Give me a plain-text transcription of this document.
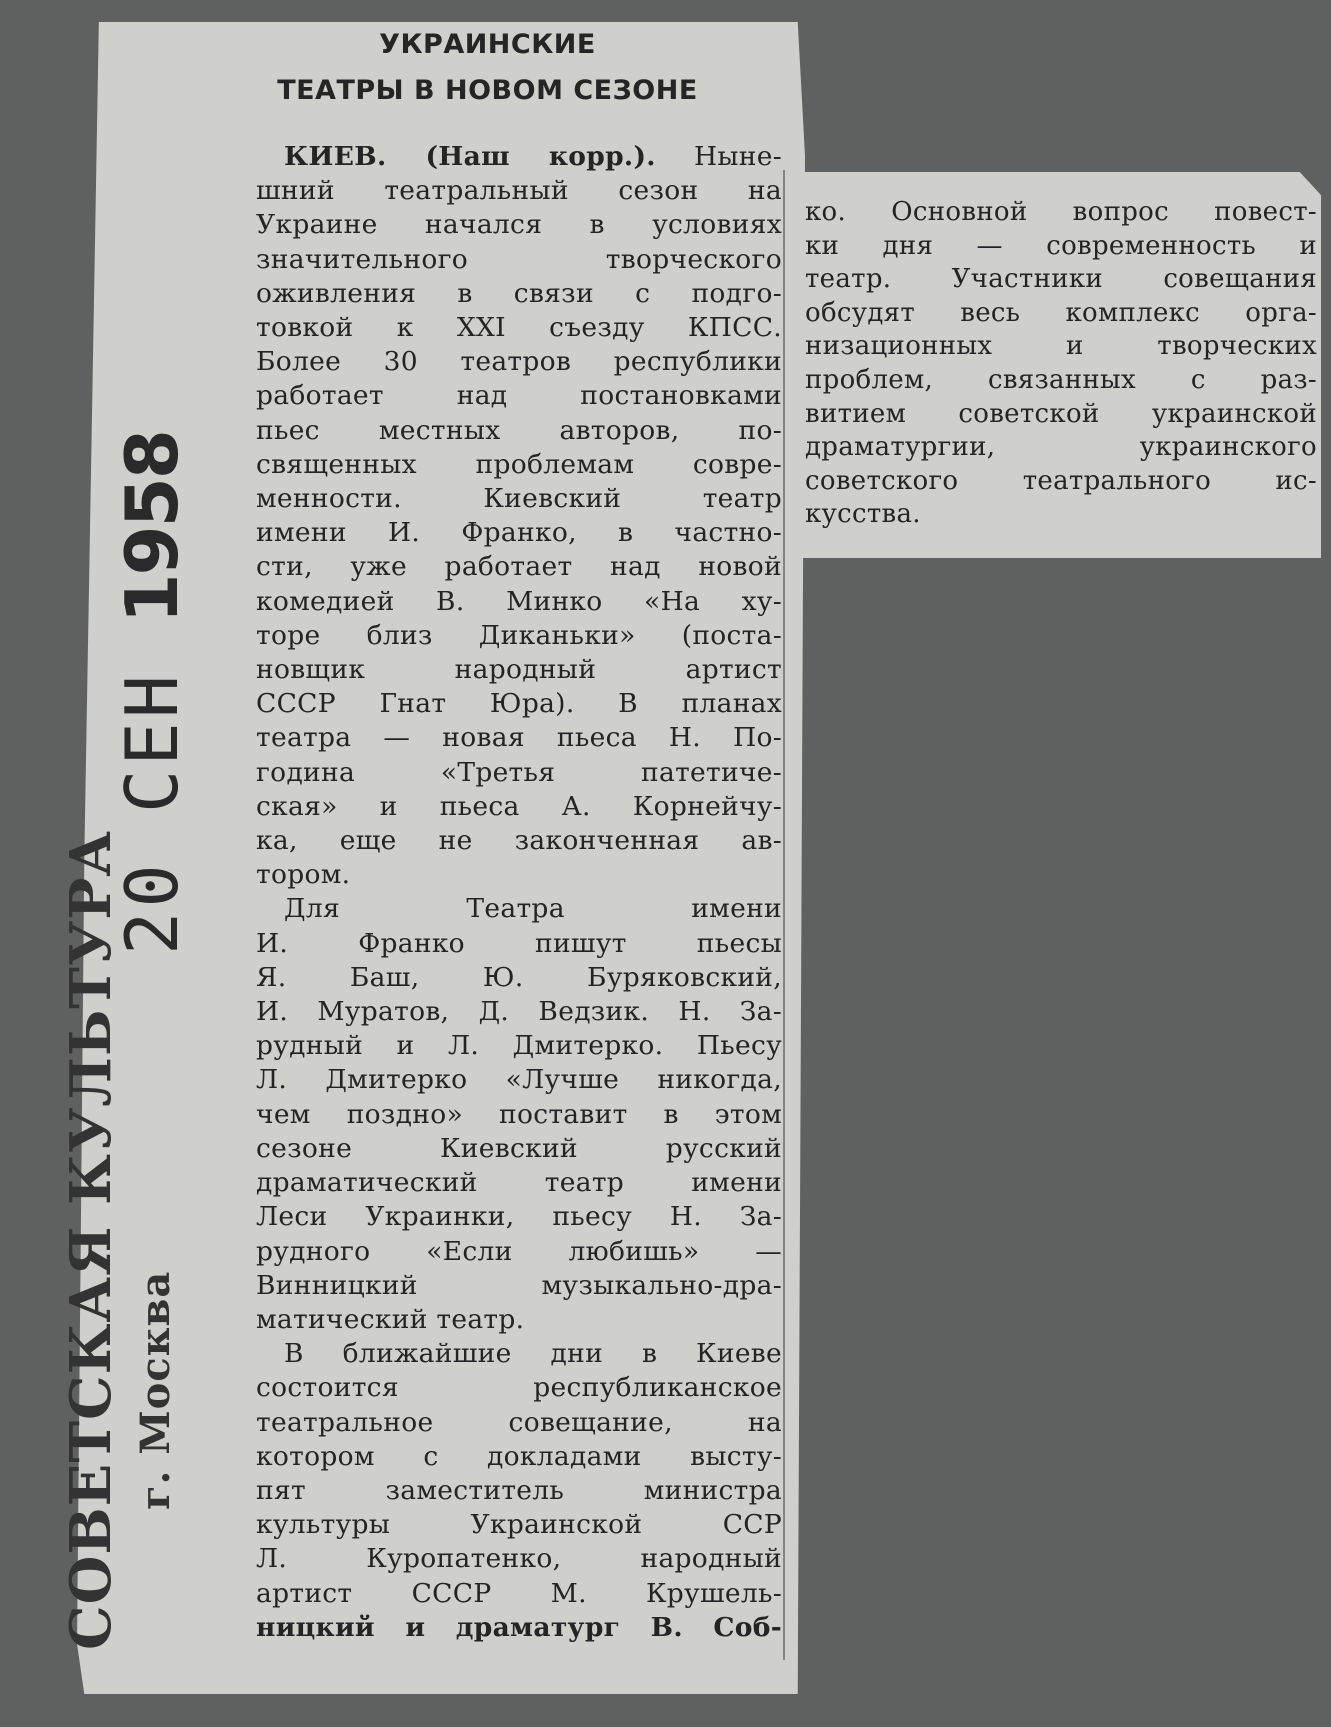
УКРАИНСКИЕ
ТЕАТРЫ В НОВОМ СЕЗОНЕ
КИЕВ. (Наш корр.). Ныне-
шний театральный сезон на
Украине начался в условиях
значительного творческого
оживления в связи с подго-
товкой к XXI съезду КПСС.
Более 30 театров республики
работает над постановками
пьес местных авторов, по-
священных проблемам совре-
менности. Киевский театр
имени И. Франко, в частно-
сти, уже работает над новой
комедией В. Минко «На ху-
торе близ Диканьки» (поста-
новщик народный артист
СССР Гнат Юра). В планах
театра — новая пьеса Н. По-
година «Третья патетиче-
ская» и пьеса А. Корнейчу-
ка, еще не законченная ав-
тором.
Для Театра имени
И. Франко пишут пьесы
Я. Баш, Ю. Буряковский,
И. Муратов, Д. Ведзик. Н. За-
рудный и Л. Дмитерко. Пьесу
Л. Дмитерко «Лучше никогда,
чем поздно» поставит в этом
сезоне Киевский русский
драматический театр имени
Леси Украинки, пьесу Н. За-
рудного «Если любишь» —
Винницкий музыкально-дра-
матический театр.
В ближайшие дни в Киеве
состоится республиканское
театральное совещание, на
котором с докладами высту-
пят заместитель министра
культуры Украинской ССР
Л. Куропатенко, народный
артист СССР М. Крушель-
ницкий и драматург В. Соб-
ко. Основной вопрос повест-
ки дня — современность и
театр. Участники совещания
обсудят весь комплекс орга-
низационных и творческих
проблем, связанных с раз-
витием советской украинской
драматургии, украинского
советского театрального ис-
кусства.
20 СЕН 1958
СОВЕТСКАЯ КУЛЬТУРА г. Москва
